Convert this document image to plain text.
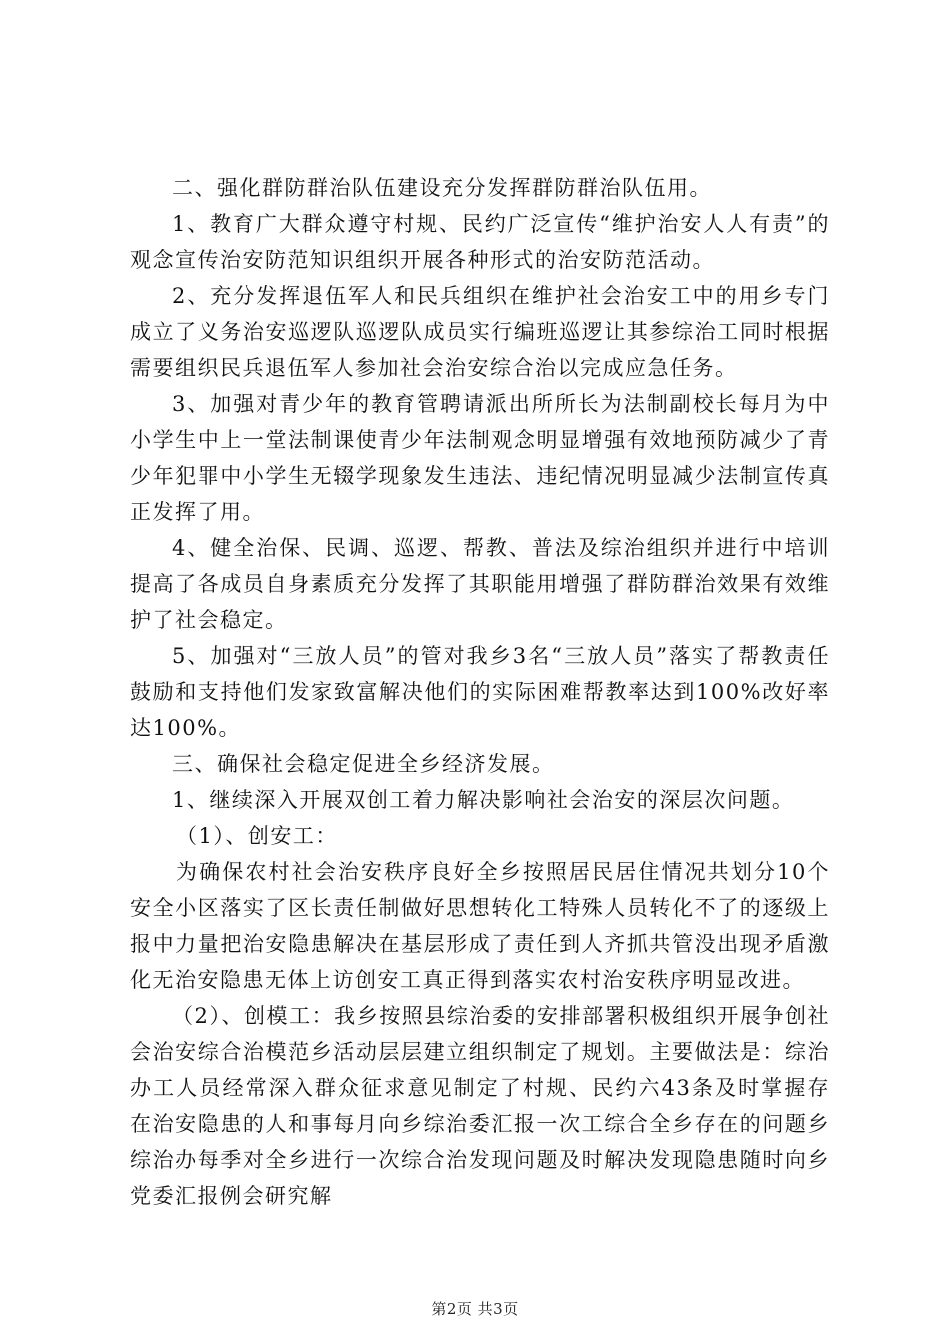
二、强化群防群治队伍建设充分发挥群防群治队伍用。

1、教育广大群众遵守村规、民约广泛宣传“维护治安人人有责”的观念宣传治安防范知识组织开展各种形式的治安防范活动。

2、充分发挥退伍军人和民兵组织在维护社会治安工中的用乡专门成立了义务治安巡逻队巡逻队成员实行编班巡逻让其参综治工同时根据需要组织民兵退伍军人参加社会治安综合治以完成应急任务。

3、加强对青少年的教育管聘请派出所所长为法制副校长每月为中小学生中上一堂法制课使青少年法制观念明显增强有效地预防减少了青少年犯罪中小学生无辍学现象发生违法、违纪情况明显减少法制宣传真正发挥了用。

4、健全治保、民调、巡逻、帮教、普法及综治组织并进行中培训提高了各成员自身素质充分发挥了其职能用增强了群防群治效果有效维护了社会稳定。

5、加强对“三放人员”的管对我乡3名“三放人员”落实了帮教责任鼓励和支持他们发家致富解决他们的实际困难帮教率达到100%改好率达100%。

三、确保社会稳定促进全乡经济发展。

1、继续深入开展双创工着力解决影响社会治安的深层次问题。

（1）、创安工：

为确保农村社会治安秩序良好全乡按照居民居住情况共划分10个安全小区落实了区长责任制做好思想转化工特殊人员转化不了的逐级上报中力量把治安隐患解决在基层形成了责任到人齐抓共管没出现矛盾激化无治安隐患无体上访创安工真正得到落实农村治安秩序明显改进。

（2）、创模工：我乡按照县综治委的安排部署积极组织开展争创社会治安综合治模范乡活动层层建立组织制定了规划。主要做法是：综治办工人员经常深入群众征求意见制定了村规、民约六43条及时掌握存在治安隐患的人和事每月向乡综治委汇报一次工综合全乡存在的问题乡综治办每季对全乡进行一次综合治发现问题及时解决发现隐患随时向乡党委汇报例会研究解

第2页 共3页
